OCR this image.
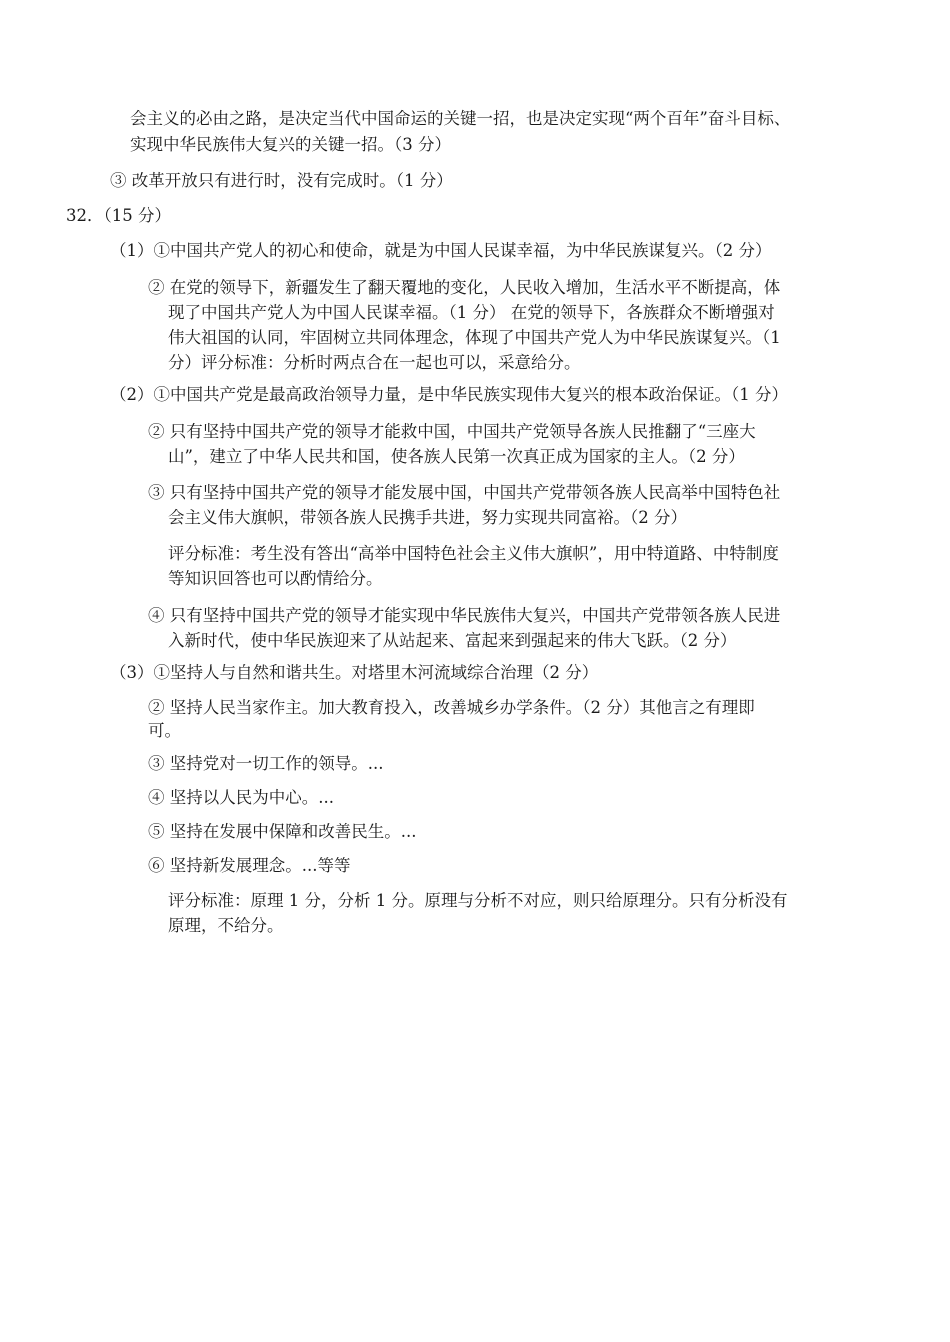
会主义的必由之路，是决定当代中国命运的关键一招，也是决定实现“两个百年”奋斗目标、
实现中华民族伟大复兴的关键一招。（3 分）
③ 改革开放只有进行时，没有完成时。（1 分）
32．（15 分）
（1）①中国共产党人的初心和使命，就是为中国人民谋幸福，为中华民族谋复兴。（2 分）
② 在党的领导下，新疆发生了翻天覆地的变化，人民收入增加，生活水平不断提高，体
现了中国共产党人为中国人民谋幸福。（1 分） 在党的领导下，各族群众不断增强对
伟大祖国的认同，牢固树立共同体理念，体现了中国共产党人为中华民族谋复兴。（1
分）评分标准：分析时两点合在一起也可以，采意给分。
（2）①中国共产党是最高政治领导力量，是中华民族实现伟大复兴的根本政治保证。（1 分）
② 只有坚持中国共产党的领导才能救中国，中国共产党领导各族人民推翻了“三座大
山”，建立了中华人民共和国，使各族人民第一次真正成为国家的主人。（2 分）
③ 只有坚持中国共产党的领导才能发展中国，中国共产党带领各族人民高举中国特色社
会主义伟大旗帜，带领各族人民携手共进，努力实现共同富裕。（2 分）
评分标准：考生没有答出“高举中国特色社会主义伟大旗帜”，用中特道路、中特制度
等知识回答也可以酌情给分。
④ 只有坚持中国共产党的领导才能实现中华民族伟大复兴，中国共产党带领各族人民进
入新时代，使中华民族迎来了从站起来、富起来到强起来的伟大飞跃。（2 分）
（3）①坚持人与自然和谐共生。对塔里木河流域综合治理（2 分）
② 坚持人民当家作主。加大教育投入，改善城乡办学条件。（2 分）其他言之有理即
可。
③ 坚持党对一切工作的领导。...
④ 坚持以人民为中心。...
⑤ 坚持在发展中保障和改善民生。...
⑥ 坚持新发展理念。...等等
评分标准：原理 1 分，分析 1 分。原理与分析不对应，则只给原理分。只有分析没有
原理，不给分。
